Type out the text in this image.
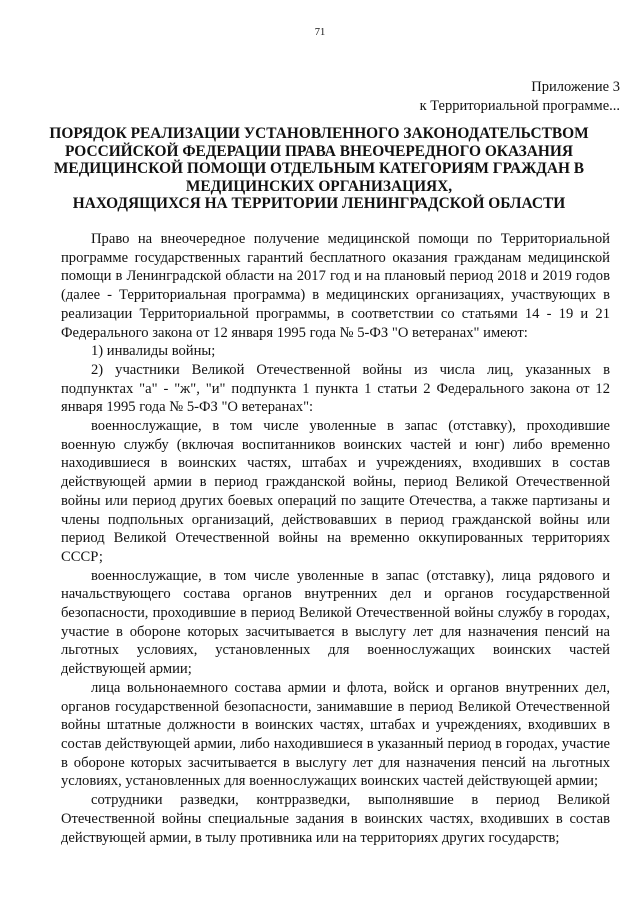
71
Приложение 3
к Территориальной программе...
ПОРЯДОК РЕАЛИЗАЦИИ УСТАНОВЛЕННОГО ЗАКОНОДАТЕЛЬСТВОМ
РОССИЙСКОЙ ФЕДЕРАЦИИ ПРАВА ВНЕОЧЕРЕДНОГО ОКАЗАНИЯ
МЕДИЦИНСКОЙ ПОМОЩИ ОТДЕЛЬНЫМ КАТЕГОРИЯМ ГРАЖДАН В
МЕДИЦИНСКИХ ОРГАНИЗАЦИЯХ,
НАХОДЯЩИХСЯ НА ТЕРРИТОРИИ ЛЕНИНГРАДСКОЙ ОБЛАСТИ

Право на внеочередное получение медицинской помощи по Территориальной программе государственных гарантий бесплатного оказания гражданам медицинской помощи в Ленинградской области на 2017 год и на плановый период 2018 и 2019 годов (далее - Территориальная программа) в медицинских организациях, участвующих в реализации Территориальной программы, в соответствии со статьями 14 - 19 и 21 Федерального закона от 12 января 1995 года № 5-ФЗ "О ветеранах" имеют:

1) инвалиды войны;

2) участники Великой Отечественной войны из числа лиц, указанных в подпунктах "а" - "ж", "и" подпункта 1 пункта 1 статьи 2 Федерального закона от 12 января 1995 года № 5-ФЗ "О ветеранах":

военнослужащие, в том числе уволенные в запас (отставку), проходившие военную службу (включая воспитанников воинских частей и юнг) либо временно находившиеся в воинских частях, штабах и учреждениях, входивших в состав действующей армии в период гражданской войны, период Великой Отечественной войны или период других боевых операций по защите Отечества, а также партизаны и члены подпольных организаций, действовавших в период гражданской войны или период Великой Отечественной войны на временно оккупированных территориях СССР;

военнослужащие, в том числе уволенные в запас (отставку), лица рядового и начальствующего состава органов внутренних дел и органов государственной безопасности, проходившие в период Великой Отечественной войны службу в городах, участие в обороне которых засчитывается в выслугу лет для назначения пенсий на льготных условиях, установленных для военнослужащих воинских частей действующей армии;

лица вольнонаемного состава армии и флота, войск и органов внутренних дел, органов государственной безопасности, занимавшие в период Великой Отечественной войны штатные должности в воинских частях, штабах и учреждениях, входивших в состав действующей армии, либо находившиеся в указанный период в городах, участие в обороне которых засчитывается в выслугу лет для назначения пенсий на льготных условиях, установленных для военнослужащих воинских частей действующей армии;

сотрудники разведки, контрразведки, выполнявшие в период Великой Отечественной войны специальные задания в воинских частях, входивших в состав действующей армии, в тылу противника или на территориях других государств;
